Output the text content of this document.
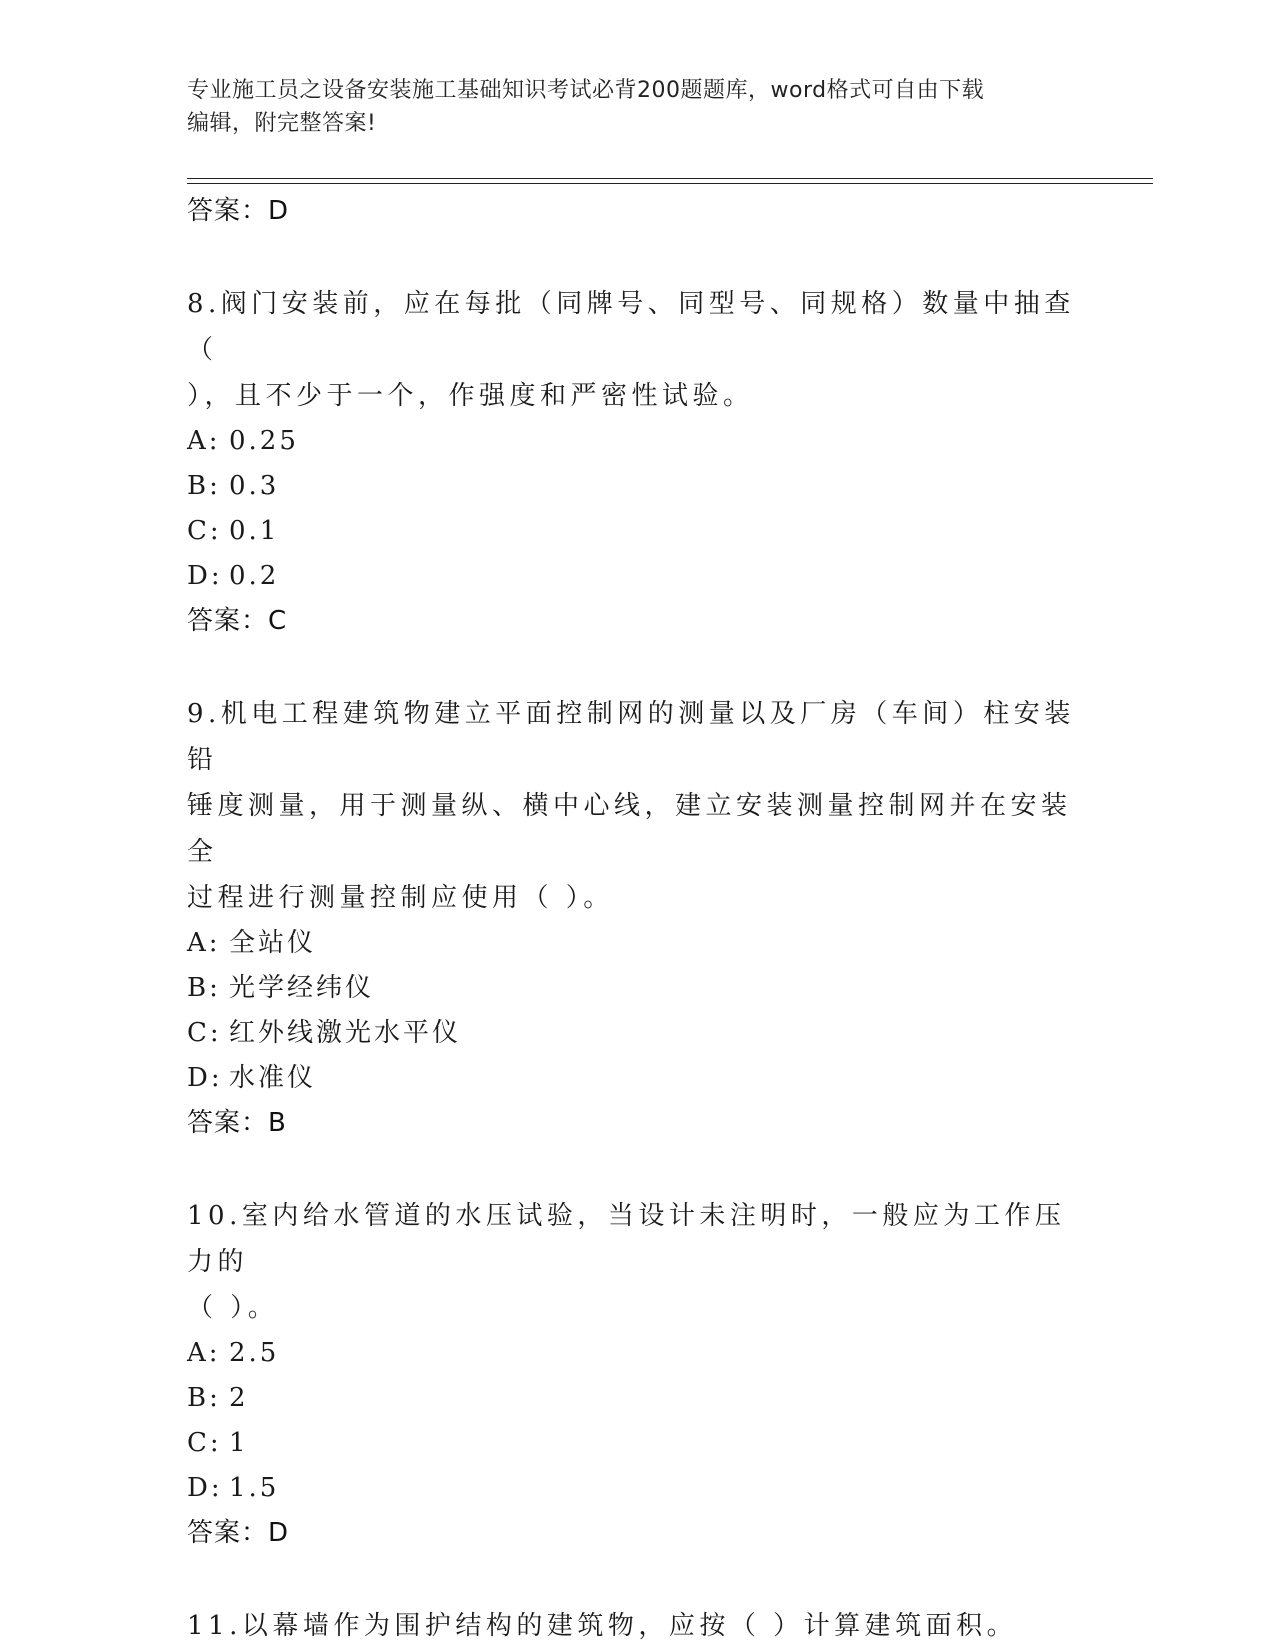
专业施工员之设备安装施工基础知识考试必背200题题库，word格式可自由下载
编辑，附完整答案!
答案：D
8.阀门安装前，应在每批（同牌号、同型号、同规格）数量中抽查（
），且不少于一个，作强度和严密性试验。
A: 0.25
B: 0.3
C: 0.1
D: 0.2
答案：C
9.机电工程建筑物建立平面控制网的测量以及厂房（车间）柱安装铅
锤度测量，用于测量纵、横中心线，建立安装测量控制网并在安装全
过程进行测量控制应使用（ ）。
A: 全站仪
B: 光学经纬仪
C: 红外线激光水平仪
D: 水准仪
答案：B
10.室内给水管道的水压试验，当设计未注明时，一般应为工作压力的
（ ）。
A: 2.5
B: 2
C: 1
D: 1.5
答案：D
11.以幕墙作为围护结构的建筑物，应按（ ）计算建筑面积。
